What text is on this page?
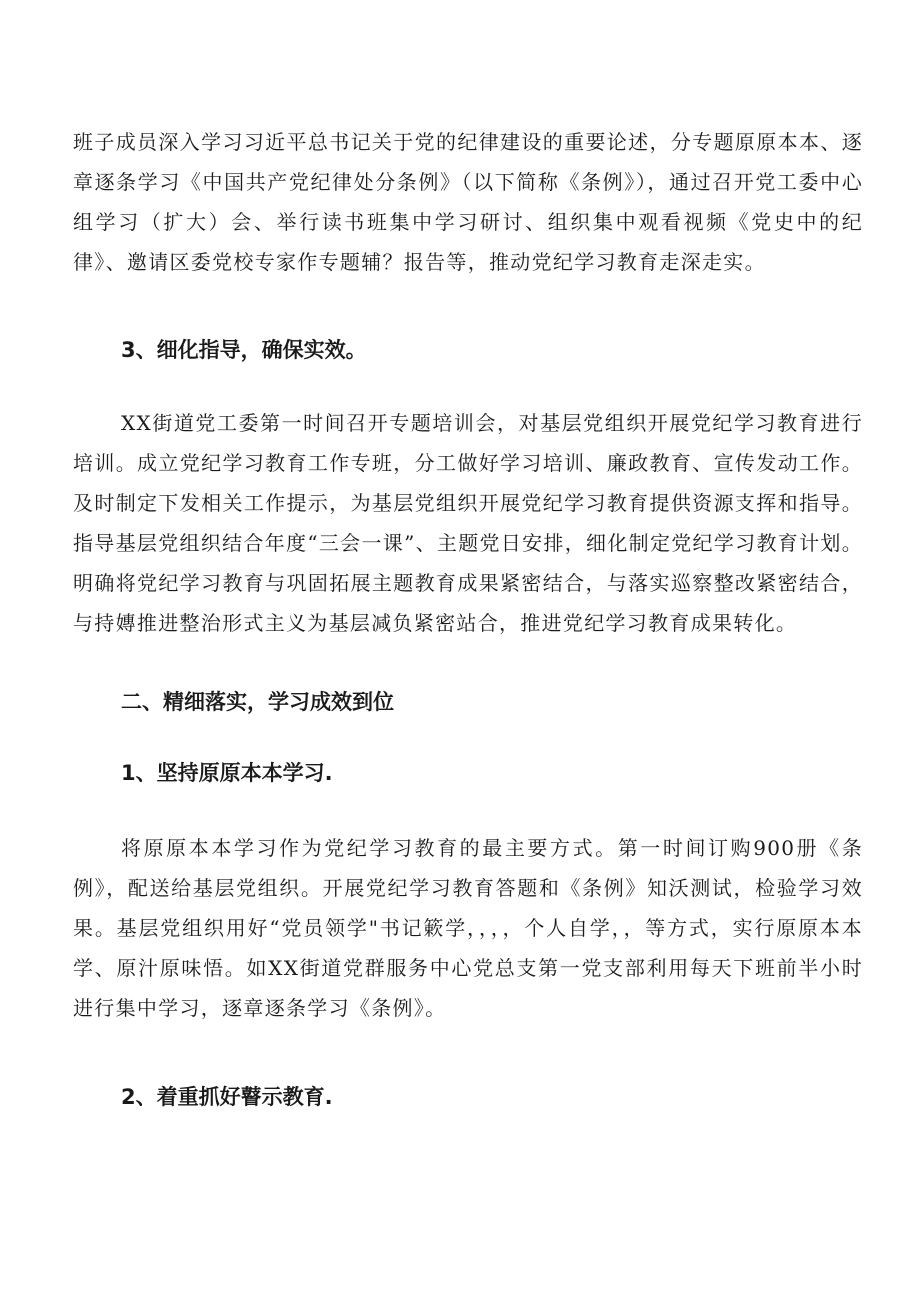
班子成员深入学习习近平总书记关于党的纪律建设的重要论述，分专题原原本本、逐章逐条学习《中国共产党纪律处分条例》（以下简称《条例》），通过召开党工委中心组学习（扩大）会、举行读书班集中学习研讨、组织集中观看视频《党史中的纪律》、邀请区委党校专家作专题辅？报告等，推动党纪学习教育走深走实。

3、细化指导，确保实效。

XX街道党工委第一时间召开专题培训会，对基层党组织开展党纪学习教育进行培训。成立党纪学习教育工作专班，分工做好学习培训、廉政教育、宣传发动工作。及时制定下发相关工作提示，为基层党组织开展党纪学习教育提供资源支挥和指导。指导基层党组织结合年度“三会一课”、主题党日安排，细化制定党纪学习教育计划。明确将党纪学习教育与巩固拓展主题教育成果紧密结合，与落实巡察整改紧密结合，与持嫥推进整治形式主义为基层减负紧密站合，推进党纪学习教育成果转化。

二、精细落实，学习成效到位
1、坚持原原本本学习.

将原原本本学习作为党纪学习教育的最主要方式。第一时间订购900册《条例》，配送给基层党组织。开展党纪学习教育答题和《条例》知沃测试，检验学习效果。基层党组织用好“党员领学"书记簌学，，，，个人自学，，等方式，实行原原本本学、原汁原味悟。如XX街道党群服务中心党总支第一党支部利用每天下班前半小时进行集中学习，逐章逐条学习《条例》。

2、着重抓好瞽示教育.
